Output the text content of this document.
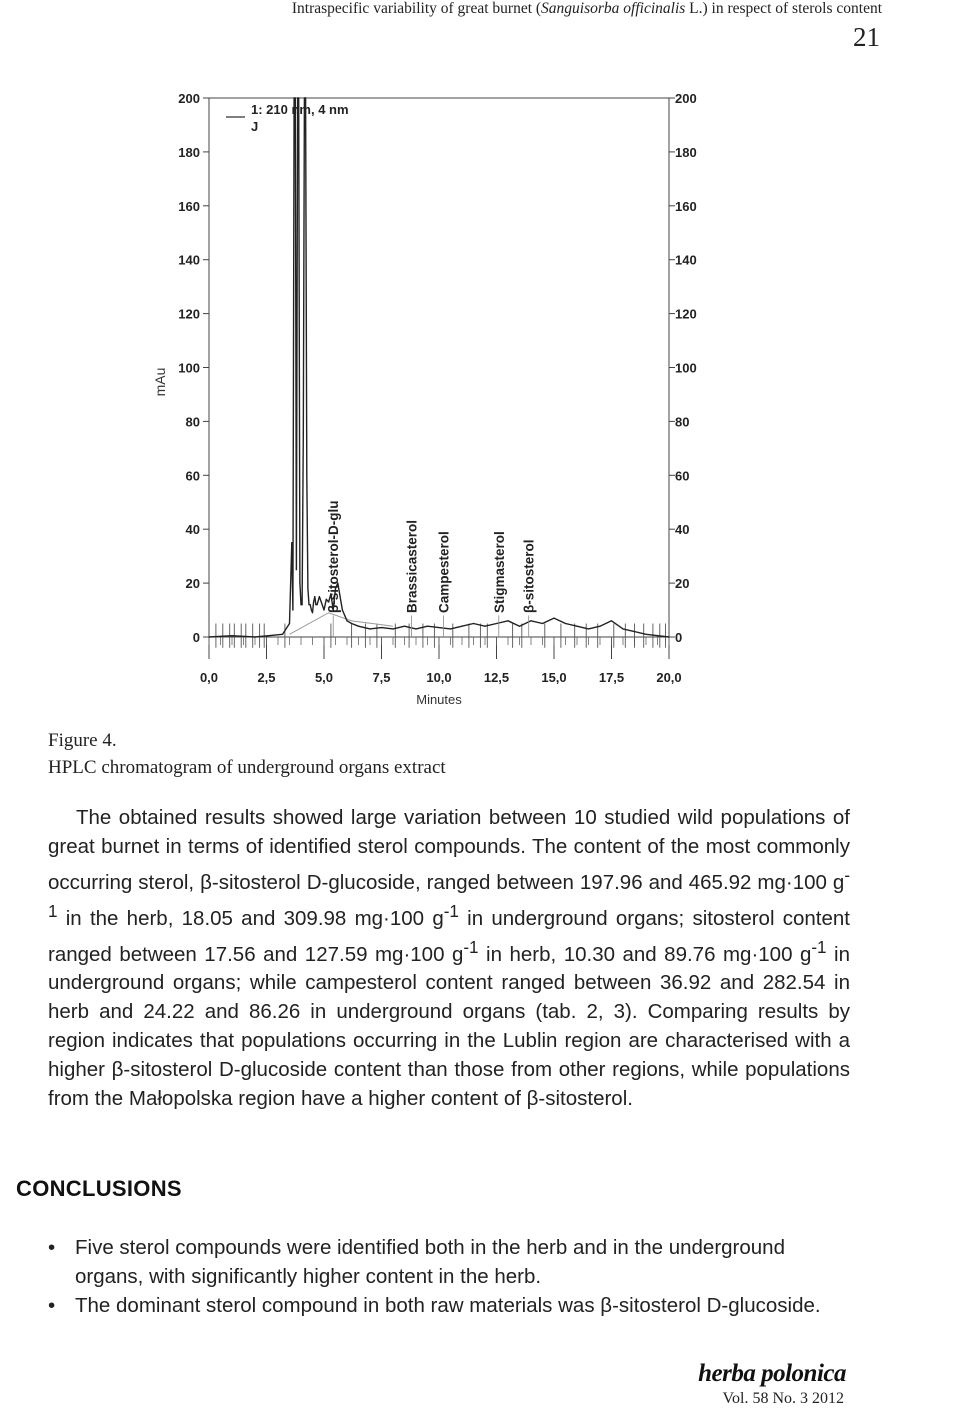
Intraspecific variability of great burnet (Sanguisorba officinalis L.) in respect of sterols content
21
0
20
40
60
80
100
120
140
160
180
200
0
20
40
60
80
100
120
140
160
180
200
0,0	2,5	5,0	7,5	10,0 12,5 15,0 17,5 20,0
β-sitosterol-D-glu	Brassicasterol Campesterol	Stigmasterol β-sitosterol
1: 210 nm, 4 nm
J
Minutes
mAu
Figure 4.
HPLC chromatogram of underground organs extract

The obtained results showed large variation between 10 studied wild populations of great burnet in terms of identified sterol compounds. The content of the most commonly occurring sterol, β-sitosterol D-glucoside, ranged between 197.96 and 465.92 mg·100 $g^{-1}$ in the herb, 18.05 and 309.98 mg·100 $g^{-1}$ in underground organs; sitosterol content ranged between 17.56 and 127.59 mg·100 $g^{-1}$ in herb, 10.30 and 89.76 mg·100 $g^{-1}$ in underground organs; while campesterol content ranged between 36.92 and 282.54 in herb and 24.22 and 86.26 in underground organs (tab. 2, 3). Comparing results by region indicates that populations occurring in the Lublin region are characterised with a higher β-sitosterol D-glucoside content than those from other regions, while populations from the Małopolska region have a higher content of β-sitosterol.

CONCLUSIONS
• Five sterol compounds were identified both in the herb and in the underground organs, with significantly higher content in the herb.
• The dominant sterol compound in both raw materials was β-sitosterol D-glucoside.
herba polonica
Vol. 58 No. 3 2012
